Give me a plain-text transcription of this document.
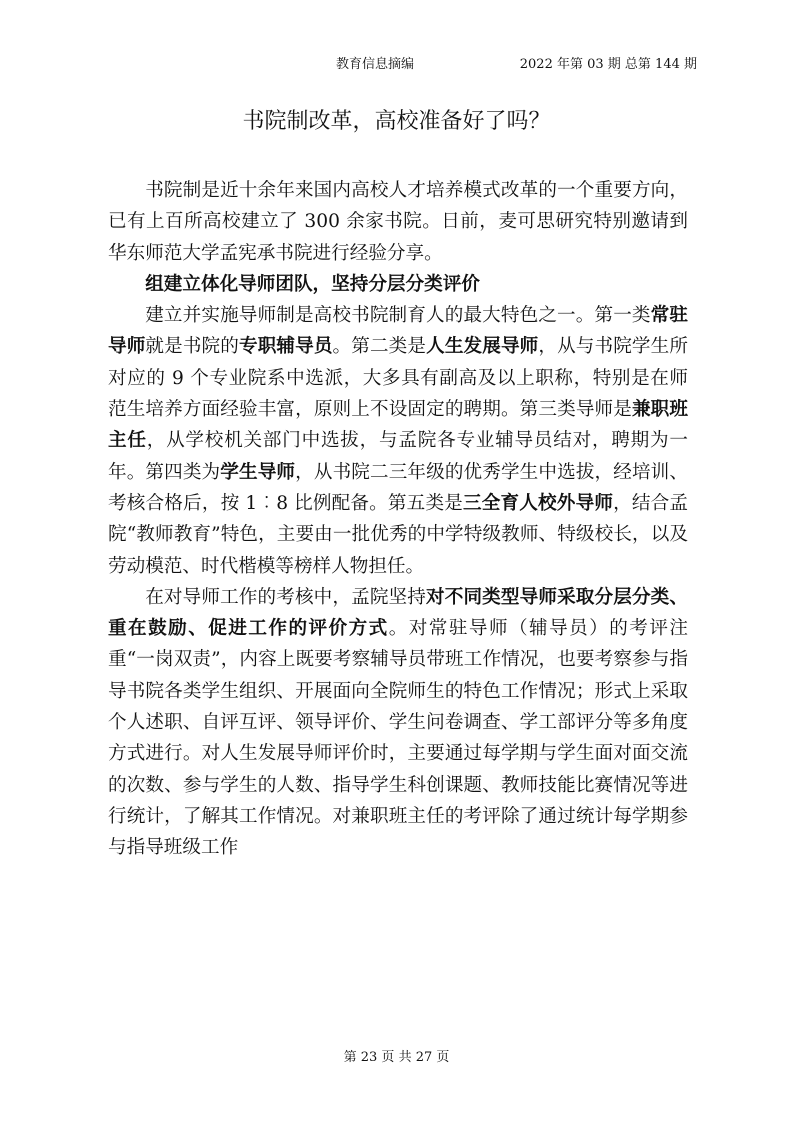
教育信息摘编	2022 年第 03 期 总第 144 期
书院制改革，高校准备好了吗？

书院制是近十余年来国内高校人才培养模式改革的一个重要方向，已有上百所高校建立了 300 余家书院。日前，麦可思研究特别邀请到华东师范大学孟宪承书院进行经验分享。

组建立体化导师团队，坚持分层分类评价

建立并实施导师制是高校书院制育人的最大特色之一。第一类常驻导师就是书院的专职辅导员。第二类是人生发展导师，从与书院学生所对应的 9 个专业院系中选派，大多具有副高及以上职称，特别是在师范生培养方面经验丰富，原则上不设固定的聘期。第三类导师是兼职班主任，从学校机关部门中选拔，与孟院各专业辅导员结对，聘期为一年。第四类为学生导师，从书院二三年级的优秀学生中选拔，经培训、考核合格后，按 1︰8 比例配备。第五类是三全育人校外导师，结合孟院“教师教育”特色，主要由一批优秀的中学特级教师、特级校长，以及劳动模范、时代楷模等榜样人物担任。

在对导师工作的考核中，孟院坚持对不同类型导师采取分层分类、重在鼓励、促进工作的评价方式。对常驻导师（辅导员）的考评注重“一岗双责”，内容上既要考察辅导员带班工作情况，也要考察参与指导书院各类学生组织、开展面向全院师生的特色工作情况；形式上采取个人述职、自评互评、领导评价、学生问卷调查、学工部评分等多角度方式进行。对人生发展导师评价时，主要通过每学期与学生面对面交流的次数、参与学生的人数、指导学生科创课题、教师技能比赛情况等进行统计，了解其工作情况。对兼职班主任的考评除了通过统计每学期参与指导班级工作

第 23 页 共 27 页
